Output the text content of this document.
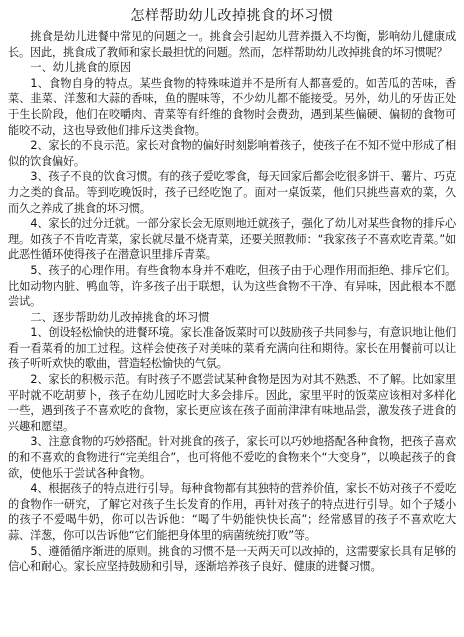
怎样帮助幼儿改掉挑食的坏习惯

挑食是幼儿进餐中常见的问题之一。挑食会引起幼儿营养摄入不均衡，影响幼儿健康成长。因此，挑食成了教师和家长最担忧的问题。然而，怎样帮助幼儿改掉挑食的坏习惯呢？

一、幼儿挑食的原因

1、食物自身的特点。某些食物的特殊味道并不是所有人都喜爱的。如苦瓜的苦味，香菜、韭菜、洋葱和大蒜的香味，鱼的腥味等，不少幼儿都不能接受。另外，幼儿的牙齿正处于生长阶段，他们在咬嚼肉、青菜等有纤维的食物时会费劲，遇到某些偏硬、偏韧的食物可能咬不动，这也导致他们排斥这类食物。

2、家长的不良示范。家长对食物的偏好时刻影响着孩子，使孩子在不知不觉中形成了相似的饮食偏好。

3、孩子不良的饮食习惯。有的孩子爱吃零食，每天回家后都会吃很多饼干、薯片、巧克力之类的食品。等到吃晚饭时，孩子已经吃饱了。面对一桌饭菜，他们只挑些喜欢的菜，久而久之养成了挑食的坏习惯。

4、家长的过分迁就。一部分家长会无原则地迁就孩子，强化了幼儿对某些食物的排斥心理。如孩子不肯吃青菜，家长就尽量不烧青菜，还要关照教师：“我家孩子不喜欢吃青菜。”如此恶性循环使得孩子在潜意识里排斥青菜。

5、孩子的心理作用。有些食物本身并不难吃，但孩子由于心理作用而拒绝、排斥它们。比如动物内脏、鸭血等，许多孩子出于联想，认为这些食物不干净、有异味，因此根本不愿尝试。

二、逐步帮助幼儿改掉挑食的坏习惯

1、创设轻松愉快的进餐环境。家长准备饭菜时可以鼓励孩子共同参与，有意识地让他们看一看菜肴的加工过程。这样会使孩子对美味的菜肴充满向往和期待。家长在用餐前可以让孩子听听欢快的歌曲，营造轻松愉快的气氛。

2、家长的积极示范。有时孩子不愿尝试某种食物是因为对其不熟悉、不了解。比如家里平时就不吃胡萝卜，孩子在幼儿园吃时大多会排斥。因此，家里平时的饭菜应该相对多样化一些，遇到孩子不喜欢吃的食物，家长更应该在孩子面前津津有味地品尝，激发孩子进食的兴趣和愿望。

3、注意食物的巧妙搭配。针对挑食的孩子，家长可以巧妙地搭配各种食物，把孩子喜欢的和不喜欢的食物进行“完美组合”，也可将他不爱吃的食物来个“大变身”，以唤起孩子的食欲，使他乐于尝试各种食物。

4、根据孩子的特点进行引导。每种食物都有其独特的营养价值，家长不妨对孩子不爱吃的食物作一研究，了解它对孩子生长发育的作用，再针对孩子的特点进行引导。如个子矮小的孩子不爱喝牛奶，你可以告诉他：“喝了牛奶能快快长高”；经常感冒的孩子不喜欢吃大蒜、洋葱，你可以告诉他“它们能把身体里的病菌统统打败”等。

5、遵循循序渐进的原则。挑食的习惯不是一天两天可以改掉的，这需要家长具有足够的信心和耐心。家长应坚持鼓励和引导，逐渐培养孩子良好、健康的进餐习惯。
